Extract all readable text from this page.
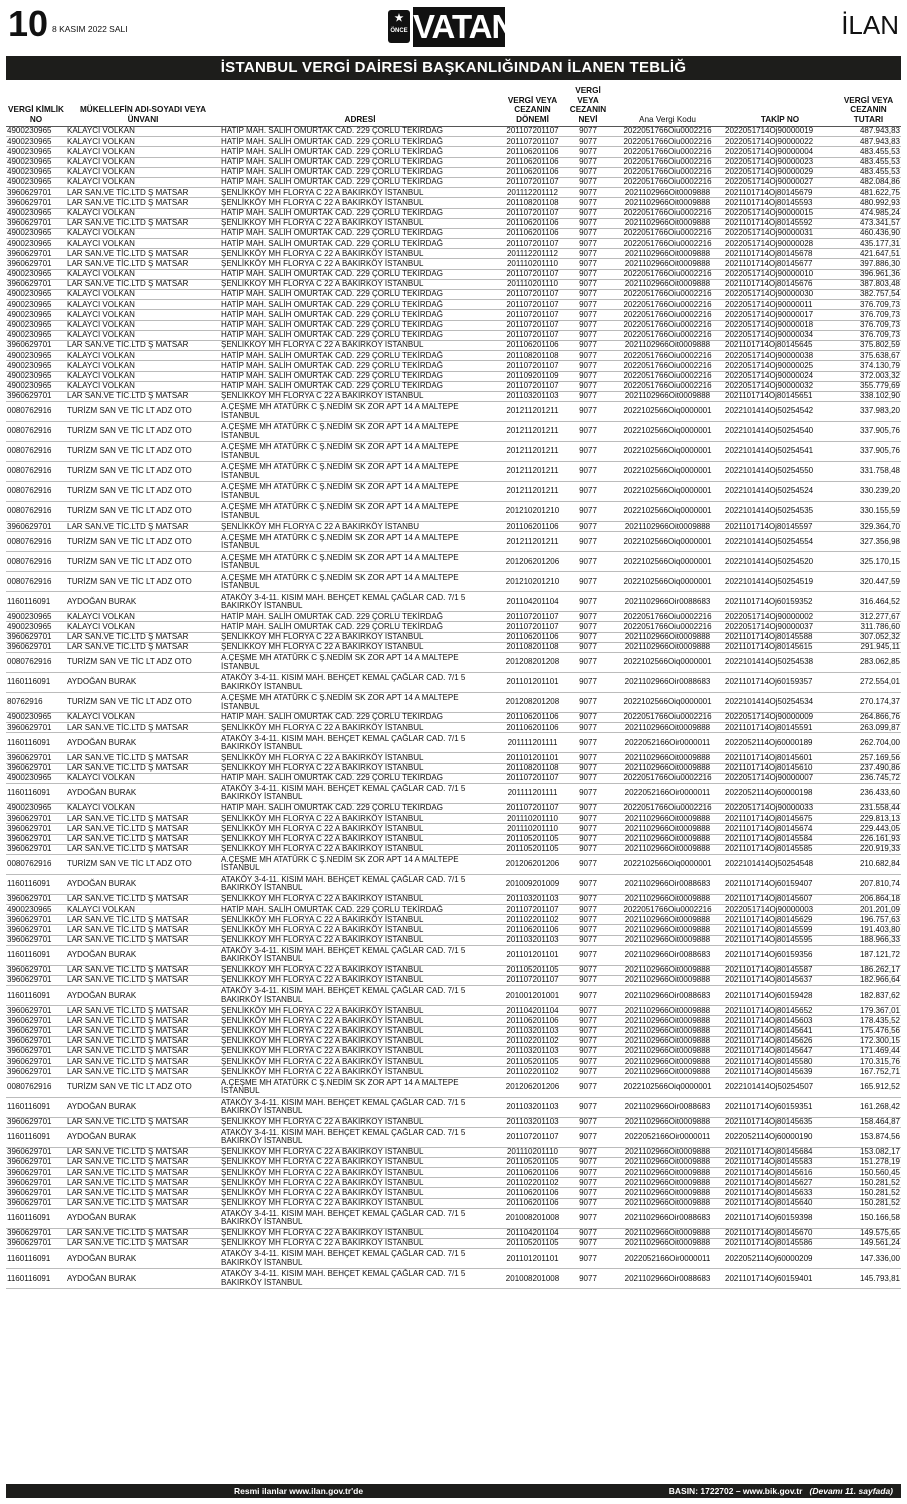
10 8 KASIM 2022 SALI
★
ÖNCE VATAN	İLAN
İSTANBUL VERGİ DAİRESİ BAŞKANLIĞINDAN İLANEN TEBLİĞ
VERGİ KİMLİK NO	MÜKELLEFİN ADI-SOYADI VEYA ÜNVANI	ADRESİ	VERGİ VEYA CEZANIN DÖNEMİ	VERGİ VEYA CEZANIN NEVİ	Ana Vergi Kodu	TAKİP NO	VERGİ VEYA CEZANIN TUTARI
4900230965	KALAYCI VOLKAN	HATİP MAH. SALİH OMURTAK CAD. 229 ÇORLU TEKİRDAĞ	201107201107	9077	2022051766Oiu0002216	2022051714Oj90000019	487.943,83
4900230965	KALAYCI VOLKAN	HATİP MAH. SALİH OMURTAK CAD. 229 ÇORLU TEKİRDAĞ	201107201107	9077	2022051766Oiu0002216	2022051714Oj90000022	487.943,83
4900230965	KALAYCI VOLKAN	HATİP MAH. SALİH OMURTAK CAD. 229 ÇORLU TEKİRDAĞ	201106201106	9077	2022051766Oiu0002216	2022051714Oj90000004	483.455,53
4900230965	KALAYCI VOLKAN	HATİP MAH. SALİH OMURTAK CAD. 229 ÇORLU TEKİRDAĞ	201106201106	9077	2022051766Oiu0002216	2022051714Oj90000023	483.455,53
4900230965	KALAYCI VOLKAN	HATİP MAH. SALİH OMURTAK CAD. 229 ÇORLU TEKİRDAĞ	201106201106	9077	2022051766Oiu0002216	2022051714Oj90000029	483.455,53
4900230965	KALAYCI VOLKAN	HATİP MAH. SALİH OMURTAK CAD. 229 ÇORLU TEKİRDAĞ	201107201107	9077	2022051766Oiu0002216	2022051714Oj90000027	482.084,86
3960629701	LAR SAN.VE TİC.LTD Ş MATSAR	ŞENLİKKÖY MH FLORYA C 22 A BAKIRKÖY İSTANBUL	201112201112	9077	2021102966Oit0009888	2021101714Oj80145679	481.622,75
3960629701	LAR SAN.VE TİC.LTD Ş MATSAR	ŞENLİKKÖY MH FLORYA C 22 A BAKIRKÖY İSTANBUL	201108201108	9077	2021102966Oit0009888	2021101714Oj80145593	480.992,93
4900230965	KALAYCI VOLKAN	HATİP MAH. SALİH OMURTAK CAD. 229 ÇORLU TEKİRDAĞ	201107201107	9077	2022051766Oiu0002216	2022051714Oj90000015	474.985,24
3960629701	LAR SAN.VE TİC.LTD Ş MATSAR	ŞENLİKKÖY MH FLORYA C 22 A BAKIRKÖY İSTANBUL	201106201106	9077	2021102966Oit0009888	2021101714Oj80145592	473.341,57
4900230965	KALAYCI VOLKAN	HATİP MAH. SALİH OMURTAK CAD. 229 ÇORLU TEKİRDAĞ	201106201106	9077	2022051766Oiu0002216	2022051714Oj90000031	460.436,90
4900230965	KALAYCI VOLKAN	HATİP MAH. SALİH OMURTAK CAD. 229 ÇORLU TEKİRDAĞ	201107201107	9077	2022051766Oiu0002216	2022051714Oj90000028	435.177,31
3960629701	LAR SAN.VE TİC.LTD Ş MATSAR	ŞENLİKKÖY MH FLORYA C 22 A BAKIRKÖY İSTANBUL	201112201112	9077	2021102966Oit0009888	2021101714Oj80145678	421.647,51
3960629701	LAR SAN.VE TİC.LTD Ş MATSAR	ŞENLİKKÖY MH FLORYA C 22 A BAKIRKÖY İSTANBUL	201110201110	9077	2021102966Oit0009888	2021101714Oj80145677	397.886,30
4900230965	KALAYCI VOLKAN	HATİP MAH. SALİH OMURTAK CAD. 229 ÇORLU TEKİRDAĞ	201107201107	9077	2022051766Oiu0002216	2022051714Oj90000010	396.961,36
3960629701	LAR SAN.VE TİC.LTD Ş MATSAR	ŞENLİKKÖY MH FLORYA C 22 A BAKIRKÖY İSTANBUL	201110201110	9077	2021102966Oit0009888	2021101714Oj80145676	387.803,48
4900230965	KALAYCI VOLKAN	HATİP MAH. SALİH OMURTAK CAD. 229 ÇORLU TEKİRDAĞ	201107201107	9077	2022051766Oiu0002216	2022051714Oj90000030	382.757,54
4900230965	KALAYCI VOLKAN	HATİP MAH. SALİH OMURTAK CAD. 229 ÇORLU TEKİRDAĞ	201107201107	9077	2022051766Oiu0002216	2022051714Oj90000011	376.709,73
4900230965	KALAYCI VOLKAN	HATİP MAH. SALİH OMURTAK CAD. 229 ÇORLU TEKİRDAĞ	201107201107	9077	2022051766Oiu0002216	2022051714Oj90000017	376.709,73
4900230965	KALAYCI VOLKAN	HATİP MAH. SALİH OMURTAK CAD. 229 ÇORLU TEKİRDAĞ	201107201107	9077	2022051766Oiu0002216	2022051714Oj90000018	376.709,73
4900230965	KALAYCI VOLKAN	HATİP MAH. SALİH OMURTAK CAD. 229 ÇORLU TEKİRDAĞ	201107201107	9077	2022051766Oiu0002216	2022051714Oj90000034	376.709,73
3960629701	LAR SAN.VE TİC.LTD Ş MATSAR	ŞENLİKKÖY MH FLORYA C 22 A BAKIRKÖY İSTANBUL	201106201106	9077	2021102966Oit0009888	2021101714Oj80145645	375.802,59
4900230965	KALAYCI VOLKAN	HATİP MAH. SALİH OMURTAK CAD. 229 ÇORLU TEKİRDAĞ	201108201108	9077	2022051766Oiu0002216	2022051714Oj90000038	375.638,67
4900230965	KALAYCI VOLKAN	HATİP MAH. SALİH OMURTAK CAD. 229 ÇORLU TEKİRDAĞ	201107201107	9077	2022051766Oiu0002216	2022051714Oj90000025	374.130,79
4900230965	KALAYCI VOLKAN	HATİP MAH. SALİH OMURTAK CAD. 229 ÇORLU TEKİRDAĞ	201109201109	9077	2022051766Oiu0002216	2022051714Oj90000024	372.003,32
4900230965	KALAYCI VOLKAN	HATİP MAH. SALİH OMURTAK CAD. 229 ÇORLU TEKİRDAĞ	201107201107	9077	2022051766Oiu0002216	2022051714Oj90000032	355.779,69
3960629701	LAR SAN.VE TİC.LTD Ş MATSAR	ŞENLİKKÖY MH FLORYA C 22 A BAKIRKÖY İSTANBUL	201103201103	9077	2021102966Oit0009888	2021101714Oj80145651	338.102,90
0080762916	TURİZM SAN VE TİC LT ADZ OTO	A.ÇEŞME MH ATATÜRK C Ş.NEDİM SK ZOR APT 14 A MALTEPE İSTANBUL	201211201211	9077	2022102566Oiq0000001	2022101414Oj50254542	337.983,20
0080762916	TURİZM SAN VE TİC LT ADZ OTO	A.ÇEŞME MH ATATÜRK C Ş.NEDİM SK ZOR APT 14 A MALTEPE İSTANBUL	201211201211	9077	2022102566Oiq0000001	2022101414Oj50254540	337.905,76
0080762916	TURİZM SAN VE TİC LT ADZ OTO	A.ÇEŞME MH ATATÜRK C Ş.NEDİM SK ZOR APT 14 A MALTEPE İSTANBUL	201211201211	9077	2022102566Oiq0000001	2022101414Oj50254541	337.905,76
0080762916	TURİZM SAN VE TİC LT ADZ OTO	A.ÇEŞME MH ATATÜRK C Ş.NEDİM SK ZOR APT 14 A MALTEPE İSTANBUL	201211201211	9077	2022102566Oiq0000001	2022101414Oj50254550	331.758,48
0080762916	TURİZM SAN VE TİC LT ADZ OTO	A.ÇEŞME MH ATATÜRK C Ş.NEDİM SK ZOR APT 14 A MALTEPE İSTANBUL	201211201211	9077	2022102566Oiq0000001	2022101414Oj50254524	330.239,20
0080762916	TURİZM SAN VE TİC LT ADZ OTO	A.ÇEŞME MH ATATÜRK C Ş.NEDİM SK ZOR APT 14 A MALTEPE İSTANBUL	201210201210	9077	2022102566Oiq0000001	2022101414Oj50254535	330.155,59
3960629701	LAR SAN.VE TİC.LTD Ş MATSAR	ŞENLİKKÖY MH FLORYA C 22 A BAKIRKÖY İSTANBU	201106201106	9077	2021102966Oit0009888	2021101714Oj80145597	329.364,70
0080762916	TURİZM SAN VE TİC LT ADZ OTO	A.ÇEŞME MH ATATÜRK C Ş.NEDİM SK ZOR APT 14 A MALTEPE İSTANBUL	201211201211	9077	2022102566Oiq0000001	2022101414Oj50254554	327.356,98
0080762916	TURİZM SAN VE TİC LT ADZ OTO	A.ÇEŞME MH ATATÜRK C Ş.NEDİM SK ZOR APT 14 A MALTEPE İSTANBUL	201206201206	9077	2022102566Oiq0000001	2022101414Oj50254520	325.170,15
0080762916	TURİZM SAN VE TİC LT ADZ OTO	A.ÇEŞME MH ATATÜRK C Ş.NEDİM SK ZOR APT 14 A MALTEPE İSTANBUL	201210201210	9077	2022102566Oiq0000001	2022101414Oj50254519	320.447,59
1160116091	AYDOĞAN BURAK	ATAKÖY 3-4-11. KISIM MAH. BEHÇET KEMAL ÇAĞLAR CAD. 7/1 5 BAKIRKÖY İSTANBUL	201104201104	9077	2021102966Oir0088683	2021101714Oj60159352	316.464,52
4900230965	KALAYCI VOLKAN	HATİP MAH. SALİH OMURTAK CAD. 229 ÇORLU TEKİRDAĞ	201107201107	9077	2022051766Oiu0002216	2022051714Oj90000002	312.277,67
4900230965	KALAYCI VOLKAN	HATİP MAH. SALİH OMURTAK CAD. 229 ÇORLU TEKİRDAĞ	201107201107	9077	2022051766Oiu0002216	2022051714Oj90000037	311.786,60
3960629701	LAR SAN.VE TİC.LTD Ş MATSAR	ŞENLİKKÖY MH FLORYA C 22 A BAKIRKÖY İSTANBUL	201106201106	9077	2021102966Oit0009888	2021101714Oj80145588	307.052,32
3960629701	LAR SAN.VE TİC.LTD Ş MATSAR	ŞENLİKKÖY MH FLORYA C 22 A BAKIRKÖY İSTANBUL	201108201108	9077	2021102966Oit0009888	2021101714Oj80145615	291.945,11
0080762916	TURİZM SAN VE TİC LT ADZ OTO	A.ÇEŞME MH ATATÜRK C Ş.NEDİM SK ZOR APT 14 A MALTEPE İSTANBUL	201208201208	9077	2022102566Oiq0000001	2022101414Oj50254538	283.062,85
1160116091	AYDOĞAN BURAK	ATAKÖY 3-4-11. KISIM MAH. BEHÇET KEMAL ÇAĞLAR CAD. 7/1 5 BAKIRKÖY İSTANBUL	201101201101	9077	2021102966Oir0088683	2021101714Oj60159357	272.554,01
80762916	TURİZM SAN VE TİC LT ADZ OTO	A.ÇEŞME MH ATATÜRK C Ş.NEDİM SK ZOR APT 14 A MALTEPE İSTANBUL	201208201208	9077	2022102566Oiq0000001	2022101414Oj50254534	270.174,37
4900230965	KALAYCI VOLKAN	HATİP MAH. SALİH OMURTAK CAD. 229 ÇORLU TEKİRDAĞ	201106201106	9077	2022051766Oiu0002216	2022051714Oj90000009	264.866,76
3960629701	LAR SAN.VE TİC.LTD Ş MATSAR	ŞENLİKKÖY MH FLORYA C 22 A BAKIRKÖY İSTANBUL	201106201106	9077	2021102966Oit0009888	2021101714Oj80145591	263.099,87
1160116091	AYDOĞAN BURAK	ATAKÖY 3-4-11. KISIM MAH. BEHÇET KEMAL ÇAĞLAR CAD. 7/1 5 BAKIRKÖY İSTANBUL	201111201111	9077	2022052166Oir0000011	2022052114Oj60000189	262.704,00
3960629701	LAR SAN.VE TİC.LTD Ş MATSAR	ŞENLİKKÖY MH FLORYA C 22 A BAKIRKÖY İSTANBUL	201101201101	9077	2021102966Oit0009888	2021101714Oj80145601	257.169,56
3960629701	LAR SAN.VE TİC.LTD Ş MATSAR	ŞENLİKKÖY MH FLORYA C 22 A BAKIRKÖY İSTANBUL	201108201108	9077	2021102966Oit0009888	2021101714Oj80145610	237.490,86
4900230965	KALAYCI VOLKAN	HATİP MAH. SALİH OMURTAK CAD. 229 ÇORLU TEKİRDAĞ	201107201107	9077	2022051766Oiu0002216	2022051714Oj90000007	236.745,72
1160116091	AYDOĞAN BURAK	ATAKÖY 3-4-11. KISIM MAH. BEHÇET KEMAL ÇAĞLAR CAD. 7/1 5 BAKIRKÖY İSTANBUL	201111201111	9077	2022052166Oir0000011	2022052114Oj60000198	236.433,60
4900230965	KALAYCI VOLKAN	HATİP MAH. SALİH OMURTAK CAD. 229 ÇORLU TEKİRDAĞ	201107201107	9077	2022051766Oiu0002216	2022051714Oj90000033	231.558,44
3960629701	LAR SAN.VE TİC.LTD Ş MATSAR	ŞENLİKKÖY MH FLORYA C 22 A BAKIRKÖY İSTANBUL	201110201110	9077	2021102966Oit0009888	2021101714Oj80145675	229.813,13
3960629701	LAR SAN.VE TİC.LTD Ş MATSAR	ŞENLİKKÖY MH FLORYA C 22 A BAKIRKÖY İSTANBUL	201110201110	9077	2021102966Oit0009888	2021101714Oj80145674	229.443,05
3960629701	LAR SAN.VE TİC.LTD Ş MATSAR	ŞENLİKKÖY MH FLORYA C 22 A BAKIRKÖY İSTANBUL	201105201105	9077	2021102966Oit0009888	2021101714Oj80145584	226.161,93
3960629701	LAR SAN.VE TİC.LTD Ş MATSAR	ŞENLİKKÖY MH FLORYA C 22 A BAKIRKÖY İSTANBUL	201105201105	9077	2021102966Oit0009888	2021101714Oj80145585	220.919,33
0080762916	TURİZM SAN VE TİC LT ADZ OTO	A.ÇEŞME MH ATATÜRK C Ş.NEDİM SK ZOR APT 14 A MALTEPE İSTANBUL	201206201206	9077	2022102566Oiq0000001	2022101414Oj50254548	210.682,84
1160116091	AYDOĞAN BURAK	ATAKÖY 3-4-11. KISIM MAH. BEHÇET KEMAL ÇAĞLAR CAD. 7/1 5 BAKIRKÖY İSTANBUL	201009201009	9077	2021102966Oir0088683	2021101714Oj60159407	207.810,74
3960629701	LAR SAN.VE TİC.LTD Ş MATSAR	ŞENLİKKÖY MH FLORYA C 22 A BAKIRKÖY İSTANBUL	201103201103	9077	2021102966Oit0009888	2021101714Oj80145607	206.864,18
4900230965	KALAYCI VOLKAN	HATİP MAH. SALİH OMURTAK CAD. 229 ÇORLU TEKİRDAĞ	201107201107	9077	2022051766Oiu0002216	2022051714Oj90000003	201.201,09
3960629701	LAR SAN.VE TİC.LTD Ş MATSAR	ŞENLİKKÖY MH FLORYA C 22 A BAKIRKÖY İSTANBUL	201102201102	9077	2021102966Oit0009888	2021101714Oj80145629	196.757,63
3960629701	LAR SAN.VE TİC.LTD Ş MATSAR	ŞENLİKKÖY MH FLORYA C 22 A BAKIRKÖY İSTANBUL	201106201106	9077	2021102966Oit0009888	2021101714Oj80145599	191.403,80
3960629701	LAR SAN.VE TİC.LTD Ş MATSAR	ŞENLİKKÖY MH FLORYA C 22 A BAKIRKÖY İSTANBUL	201103201103	9077	2021102966Oit0009888	2021101714Oj80145595	188.966,33
1160116091	AYDOĞAN BURAK	ATAKÖY 3-4-11. KISIM MAH. BEHÇET KEMAL ÇAĞLAR CAD. 7/1 5 BAKIRKÖY İSTANBUL	201101201101	9077	2021102966Oir0088683	2021101714Oj60159356	187.121,72
3960629701	LAR SAN.VE TİC.LTD Ş MATSAR	ŞENLİKKÖY MH FLORYA C 22 A BAKIRKÖY İSTANBUL	201105201105	9077	2021102966Oit0009888	2021101714Oj80145587	186.262,17
3960629701	LAR SAN.VE TİC.LTD Ş MATSAR	ŞENLİKKÖY MH FLORYA C 22 A BAKIRKÖY İSTANBUL	201107201107	9077	2021102966Oit0009888	2021101714Oj80145637	182.966,64
1160116091	AYDOĞAN BURAK	ATAKÖY 3-4-11. KISIM MAH. BEHÇET KEMAL ÇAĞLAR CAD. 7/1 5 BAKIRKÖY İSTANBUL	201001201001	9077	2021102966Oir0088683	2021101714Oj60159428	182.837,62
3960629701	LAR SAN.VE TİC.LTD Ş MATSAR	ŞENLİKKÖY MH FLORYA C 22 A BAKIRKÖY İSTANBUL	201104201104	9077	2021102966Oit0009888	2021101714Oj80145652	179.367,01
3960629701	LAR SAN.VE TİC.LTD Ş MATSAR	ŞENLİKKÖY MH FLORYA C 22 A BAKIRKÖY İSTANBUL	201106201106	9077	2021102966Oit0009888	2021101714Oj80145603	178.435,52
3960629701	LAR SAN.VE TİC.LTD Ş MATSAR	ŞENLİKKÖY MH FLORYA C 22 A BAKIRKÖY İSTANBUL	201103201103	9077	2021102966Oit0009888	2021101714Oj80145641	175.476,56
3960629701	LAR SAN.VE TİC.LTD Ş MATSAR	ŞENLİKKÖY MH FLORYA C 22 A BAKIRKÖY İSTANBUL	201102201102	9077	2021102966Oit0009888	2021101714Oj80145626	172.300,15
3960629701	LAR SAN.VE TİC.LTD Ş MATSAR	ŞENLİKKÖY MH FLORYA C 22 A BAKIRKÖY İSTANBUL	201103201103	9077	2021102966Oit0009888	2021101714Oj80145647	171.469,44
3960629701	LAR SAN.VE TİC.LTD Ş MATSAR	ŞENLİKKÖY MH FLORYA C 22 A BAKIRKÖY İSTANBUL	201105201105	9077	2021102966Oit0009888	2021101714Oj80145580	170.315,76
3960629701	LAR SAN.VE TİC.LTD Ş MATSAR	ŞENLİKKÖY MH FLORYA C 22 A BAKIRKÖY İSTANBUL	201102201102	9077	2021102966Oit0009888	2021101714Oj80145639	167.752,71
0080762916	TURİZM SAN VE TİC LT ADZ OTO	A.ÇEŞME MH ATATÜRK C Ş.NEDİM SK ZOR APT 14 A MALTEPE İSTANBUL	201206201206	9077	2022102566Oiq0000001	2022101414Oj50254507	165.912,52
1160116091	AYDOĞAN BURAK	ATAKÖY 3-4-11. KISIM MAH. BEHÇET KEMAL ÇAĞLAR CAD. 7/1 5 BAKIRKÖY İSTANBUL	201103201103	9077	2021102966Oir0088683	2021101714Oj60159351	161.268,42
3960629701	LAR SAN.VE TİC.LTD Ş MATSAR	ŞENLİKKÖY MH FLORYA C 22 A BAKIRKÖY İSTANBUL	201103201103	9077	2021102966Oit0009888	2021101714Oj80145635	158.464,87
1160116091	AYDOĞAN BURAK	ATAKÖY 3-4-11. KISIM MAH. BEHÇET KEMAL ÇAĞLAR CAD. 7/1 5 BAKIRKÖY İSTANBUL	201107201107	9077	2022052166Oir0000011	2022052114Oj60000190	153.874,56
3960629701	LAR SAN.VE TİC.LTD Ş MATSAR	ŞENLİKKÖY MH FLORYA C 22 A BAKIRKÖY İSTANBUL	201110201110	9077	2021102966Oit0009888	2021101714Oj80145684	153.082,17
3960629701	LAR SAN.VE TİC.LTD Ş MATSAR	ŞENLİKKÖY MH FLORYA C 22 A BAKIRKÖY İSTANBUL	201105201105	9077	2021102966Oit0009888	2021101714Oj80145583	151.278,19
3960629701	LAR SAN.VE TİC.LTD Ş MATSAR	ŞENLİKKÖY MH FLORYA C 22 A BAKIRKÖY İSTANBUL	201106201106	9077	2021102966Oit0009888	2021101714Oj80145616	150.560,45
3960629701	LAR SAN.VE TİC.LTD Ş MATSAR	ŞENLİKKÖY MH FLORYA C 22 A BAKIRKÖY İSTANBUL	201102201102	9077	2021102966Oit0009888	2021101714Oj80145627	150.281,52
3960629701	LAR SAN.VE TİC.LTD Ş MATSAR	ŞENLİKKÖY MH FLORYA C 22 A BAKIRKÖY İSTANBUL	201106201106	9077	2021102966Oit0009888	2021101714Oj80145633	150.281,52
3960629701	LAR SAN.VE TİC.LTD Ş MATSAR	ŞENLİKKÖY MH FLORYA C 22 A BAKIRKÖY İSTANBUL	201106201106	9077	2021102966Oit0009888	2021101714Oj80145640	150.281,52
1160116091	AYDOĞAN BURAK	ATAKÖY 3-4-11. KISIM MAH. BEHÇET KEMAL ÇAĞLAR CAD. 7/1 5 BAKIRKÖY İSTANBUL	201008201008	9077	2021102966Oir0088683	2021101714Oj60159398	150.166,58
3960629701	LAR SAN.VE TİC.LTD Ş MATSAR	ŞENLİKKÖY MH FLORYA C 22 A BAKIRKÖY İSTANBUL	201104201104	9077	2021102966Oit0009888	2021101714Oj80145670	149.575,65
3960629701	LAR SAN.VE TİC.LTD Ş MATSAR	ŞENLİKKÖY MH FLORYA C 22 A BAKIRKÖY İSTANBUL	201105201105	9077	2021102966Oit0009888	2021101714Oj80145586	149.561,24
1160116091	AYDOĞAN BURAK	ATAKÖY 3-4-11. KISIM MAH. BEHÇET KEMAL ÇAĞLAR CAD. 7/1 5 BAKIRKÖY İSTANBUL	201101201101	9077	2022052166Oir0000011	2022052114Oj60000209	147.336,00
1160116091	AYDOĞAN BURAK	ATAKÖY 3-4-11. KISIM MAH. BEHÇET KEMAL ÇAĞLAR CAD. 7/1 5 BAKIRKÖY İSTANBUL	201008201008	9077	2021102966Oir0088683	2021101714Oj60159401	145.793,81
Resmi ilanlar www.ilan.gov.tr'de	BASIN: 1722702 – www.bik.gov.tr (Devamı 11. sayfada)
